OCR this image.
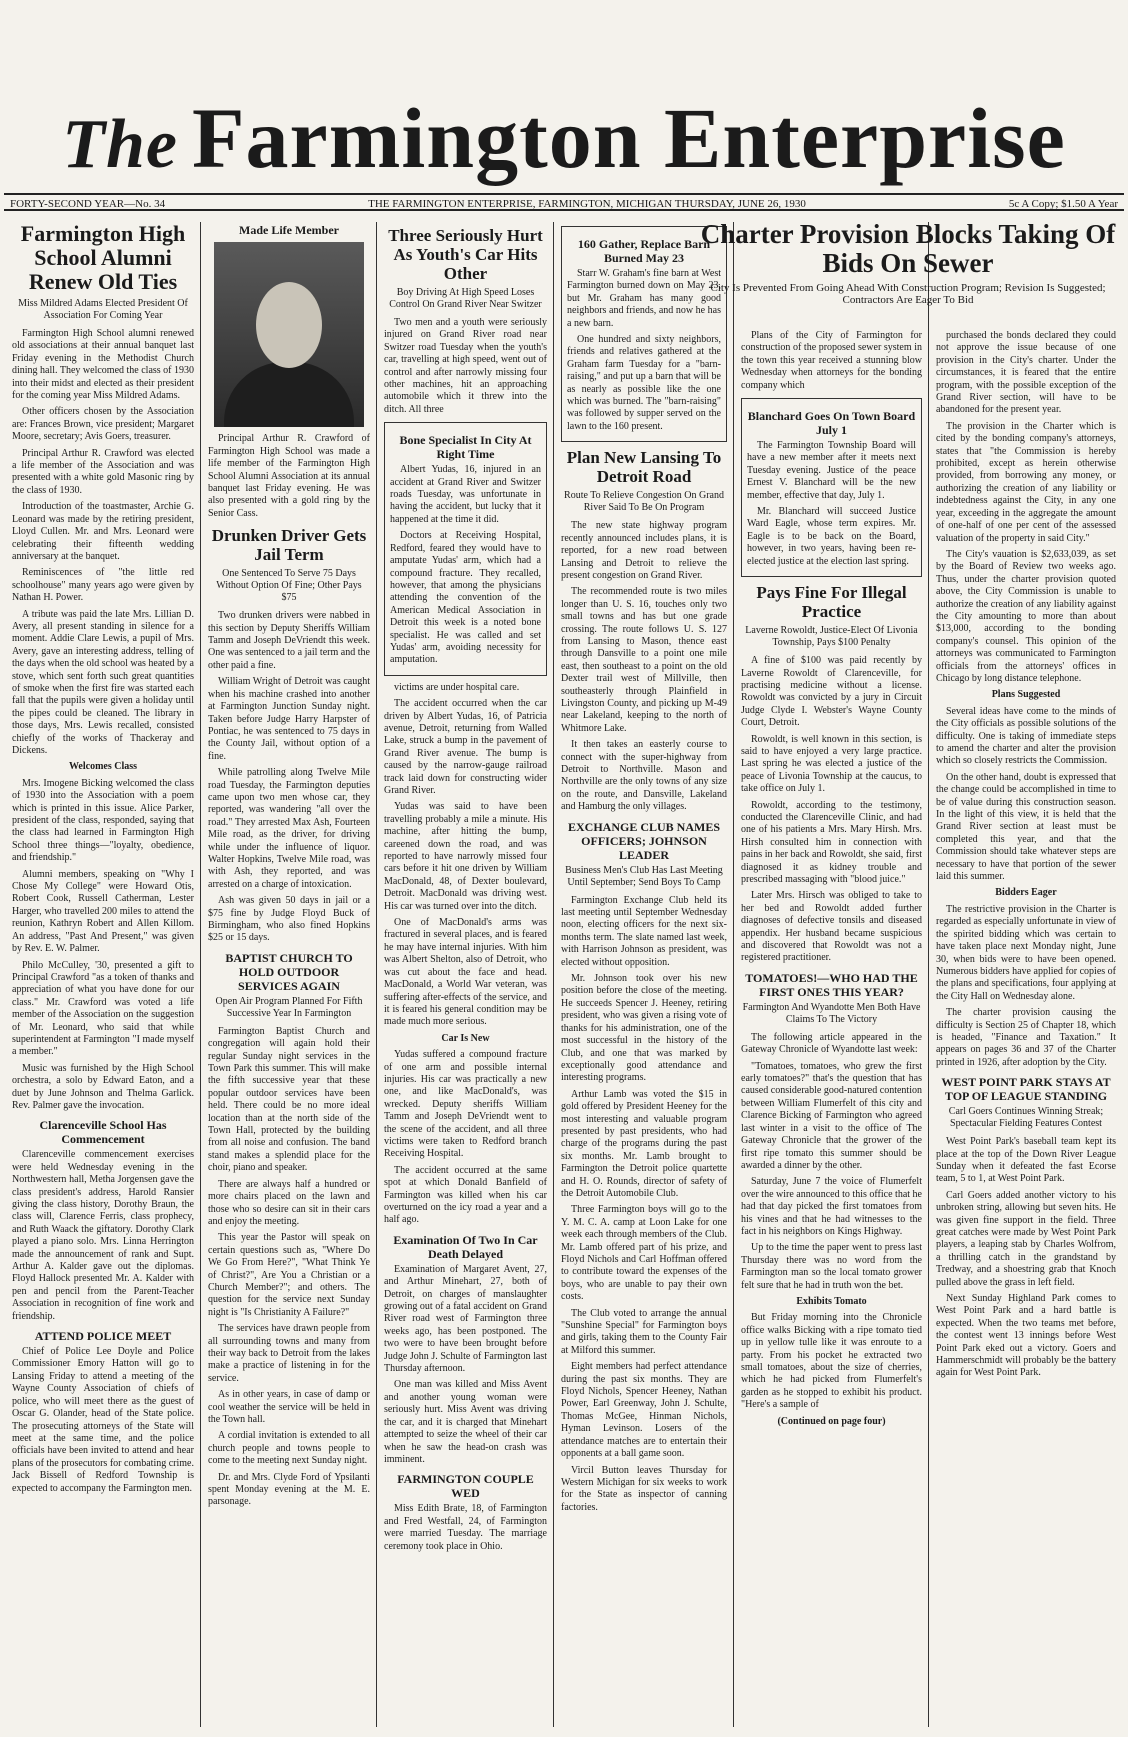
The Farmington Enterprise
FORTY-SECOND YEAR—No. 34	THE FARMINGTON ENTERPRISE, FARMINGTON, MICHIGAN THURSDAY, JUNE 26, 1930	5c A Copy; $1.50 A Year
Farmington High School Alumni Renew Old Ties
Miss Mildred Adams Elected President Of Association For Coming Year

Farmington High School alumni renewed old associations at their annual banquet last Friday evening in the Methodist Church dining hall. They welcomed the class of 1930 into their midst and elected as their president for the coming year Miss Mildred Adams.

Other officers chosen by the Association are: Frances Brown, vice president; Margaret Moore, secretary; Avis Goers, treasurer.

Principal Arthur R. Crawford was elected a life member of the Association and was presented with a white gold Masonic ring by the class of 1930.

Introduction of the toastmaster, Archie G. Leonard was made by the retiring president, Lloyd Cullen. Mr. and Mrs. Leonard were celebrating their fifteenth wedding anniversary at the banquet.

Reminiscences of "the little red schoolhouse" many years ago were given by Nathan H. Power.

A tribute was paid the late Mrs. Lillian D. Avery, all present standing in silence for a moment. Addie Clare Lewis, a pupil of Mrs. Avery, gave an interesting address, telling of the days when the old school was heated by a stove, which sent forth such great quantities of smoke when the first fire was started each fall that the pupils were given a holiday until the pipes could be cleaned. The library in those days, Mrs. Lewis recalled, consisted chiefly of the works of Thackeray and Dickens.

Welcomes Class

Mrs. Imogene Bicking welcomed the class of 1930 into the Association with a poem which is printed in this issue. Alice Parker, president of the class, responded, saying that the class had learned in Farmington High School three things—"loyalty, obedience, and friendship."

Alumni members, speaking on "Why I Chose My College" were Howard Otis, Robert Cook, Russell Catherman, Lester Harger, who travelled 200 miles to attend the reunion, Kathryn Robert and Allen Killom. An address, "Past And Present," was given by Rev. E. W. Palmer.

Philo McCulley, '30, presented a gift to Principal Crawford "as a token of thanks and appreciation of what you have done for our class." Mr. Crawford was voted a life member of the Association on the suggestion of Mr. Leonard, who said that while superintendent at Farmington "I made myself a member."

Music was furnished by the High School orchestra, a solo by Edward Eaton, and a duet by June Johnson and Thelma Garlick. Rev. Palmer gave the invocation.

Clarenceville School Has Commencement

Clarenceville commencement exercises were held Wednesday evening in the Northwestern hall, Metha Jorgensen gave the class president's address, Harold Ransier giving the class history, Dorothy Braun, the class will, Clarence Ferris, class prophecy, and Ruth Waack the giftatory. Dorothy Clark played a piano solo. Mrs. Linna Herrington made the announcement of rank and Supt. Arthur A. Kalder gave out the diplomas. Floyd Hallock presented Mr. A. Kalder with pen and pencil from the Parent-Teacher Association in recognition of fine work and friendship.

ATTEND POLICE MEET

Chief of Police Lee Doyle and Police Commissioner Emory Hatton will go to Lansing Friday to attend a meeting of the Wayne County Association of chiefs of police, who will meet there as the guest of Oscar G. Olander, head of the State police. The prosecuting attorneys of the State will meet at the same time, and the police officials have been invited to attend and hear plans of the prosecutors for combating crime. Jack Bissell of Redford Township is expected to accompany the Farmington men.

Made Life Member

Principal Arthur R. Crawford of Farmington High School was made a life member of the Farmington High School Alumni Association at its annual banquet last Friday evening. He was also presented with a gold ring by the Senior Cass.

Drunken Driver Gets Jail Term
One Sentenced To Serve 75 Days Without Option Of Fine; Other Pays $75

Two drunken drivers were nabbed in this section by Deputy Sheriffs William Tamm and Joseph DeVriendt this week. One was sentenced to a jail term and the other paid a fine.

William Wright of Detroit was caught when his machine crashed into another at Farmington Junction Sunday night. Taken before Judge Harry Harpster of Pontiac, he was sentenced to 75 days in the County Jail, without option of a fine.

While patrolling along Twelve Mile road Tuesday, the Farmington deputies came upon two men whose car, they reported, was wandering "all over the road." They arrested Max Ash, Fourteen Mile road, as the driver, for driving while under the influence of liquor. Walter Hopkins, Twelve Mile road, was with Ash, they reported, and was arrested on a charge of intoxication.

Ash was given 50 days in jail or a $75 fine by Judge Floyd Buck of Birmingham, who also fined Hopkins $25 or 15 days.

BAPTIST CHURCH TO HOLD OUTDOOR SERVICES AGAIN
Open Air Program Planned For Fifth Successive Year In Farmington

Farmington Baptist Church and congregation will again hold their regular Sunday night services in the Town Park this summer. This will make the fifth successive year that these popular outdoor services have been held. There could be no more ideal location than at the north side of the Town Hall, protected by the building from all noise and confusion. The band stand makes a splendid place for the choir, piano and speaker.

There are always half a hundred or more chairs placed on the lawn and those who so desire can sit in their cars and enjoy the meeting.

This year the Pastor will speak on certain questions such as, "Where Do We Go From Here?", "What Think Ye of Christ?", Are You a Christian or a Church Member?"; and others. The question for the service next Sunday night is "Is Christianity A Failure?"

The services have drawn people from all surrounding towns and many from their way back to Detroit from the lakes make a practice of listening in for the service.

As in other years, in case of damp or cool weather the service will be held in the Town hall.

A cordial invitation is extended to all church people and towns people to come to the meeting next Sunday night.

Dr. and Mrs. Clyde Ford of Ypsilanti spent Monday evening at the M. E. parsonage.

Three Seriously Hurt As Youth's Car Hits Other
Boy Driving At High Speed Loses Control On Grand River Near Switzer

Two men and a youth were seriously injured on Grand River road near Switzer road Tuesday when the youth's car, travelling at high speed, went out of control and after narrowly missing four other machines, hit an approaching automobile which it threw into the ditch. All three

Bone Specialist In City At Right Time

Albert Yudas, 16, injured in an accident at Grand River and Switzer roads Tuesday, was unfortunate in having the accident, but lucky that it happened at the time it did.

Doctors at Receiving Hospital, Redford, feared they would have to amputate Yudas' arm, which had a compound fracture. They recalled, however, that among the physicians attending the convention of the American Medical Association in Detroit this week is a noted bone specialist. He was called and set Yudas' arm, avoiding necessity for amputation.

victims are under hospital care.

The accident occurred when the car driven by Albert Yudas, 16, of Patricia avenue, Detroit, returning from Walled Lake, struck a bump in the pavement of Grand River avenue. The bump is caused by the narrow-gauge railroad track laid down for constructing wider Grand River.

Yudas was said to have been travelling probably a mile a minute. His machine, after hitting the bump, careened down the road, and was reported to have narrowly missed four cars before it hit one driven by William MacDonald, 48, of Dexter boulevard, Detroit. MacDonald was driving west. His car was turned over into the ditch.

One of MacDonald's arms was fractured in several places, and is feared he may have internal injuries. With him was Albert Shelton, also of Detroit, who was cut about the face and head. MacDonald, a World War veteran, was suffering after-effects of the service, and it is feared his general condition may be made much more serious.

Car Is New

Yudas suffered a compound fracture of one arm and possible internal injuries. His car was practically a new one, and like MacDonald's, was wrecked. Deputy sheriffs William Tamm and Joseph DeVriendt went to the scene of the accident, and all three victims were taken to Redford branch Receiving Hospital.

The accident occurred at the same spot at which Donald Banfield of Farmington was killed when his car overturned on the icy road a year and a half ago.

Examination Of Two In Car Death Delayed

Examination of Margaret Avent, 27, and Arthur Minehart, 27, both of Detroit, on charges of manslaughter growing out of a fatal accident on Grand River road west of Farmington three weeks ago, has been postponed. The two were to have been brought before Judge John J. Schulte of Farmington last Thursday afternoon.

One man was killed and Miss Avent and another young woman were seriously hurt. Miss Avent was driving the car, and it is charged that Minehart attempted to seize the wheel of their car when he saw the head-on crash was imminent.

FARMINGTON COUPLE WED

Miss Edith Brate, 18, of Farmington and Fred Westfall, 24, of Farmington were married Tuesday. The marriage ceremony took place in Ohio.

160 Gather, Replace Barn Burned May 23

Starr W. Graham's fine barn at West Farmington burned down on May 23, but Mr. Graham has many good neighbors and friends, and now he has a new barn.

One hundred and sixty neighbors, friends and relatives gathered at the Graham farm Tuesday for a "barn-raising," and put up a barn that will be as nearly as possible like the one which was burned. The "barn-raising" was followed by supper served on the lawn to the 160 present.

Plan New Lansing To Detroit Road
Route To Relieve Congestion On Grand River Said To Be On Program

The new state highway program recently announced includes plans, it is reported, for a new road between Lansing and Detroit to relieve the present congestion on Grand River.

The recommended route is two miles longer than U. S. 16, touches only two small towns and has but one grade crossing. The route follows U. S. 127 from Lansing to Mason, thence east through Dansville to a point one mile east, then southeast to a point on the old Dexter trail west of Millville, then southeasterly through Plainfield in Livingston County, and picking up M-49 near Lakeland, keeping to the north of Whitmore Lake.

It then takes an easterly course to connect with the super-highway from Detroit to Northville. Mason and Northville are the only towns of any size on the route, and Dansville, Lakeland and Hamburg the only villages.

EXCHANGE CLUB NAMES OFFICERS; JOHNSON LEADER
Business Men's Club Has Last Meeting Until September; Send Boys To Camp

Farmington Exchange Club held its last meeting until September Wednesday noon, electing officers for the next six-months term. The slate named last week, with Harrison Johnson as president, was elected without opposition.

Mr. Johnson took over his new position before the close of the meeting. He succeeds Spencer J. Heeney, retiring president, who was given a rising vote of thanks for his administration, one of the most successful in the history of the Club, and one that was marked by exceptionally good attendance and interesting programs.

Arthur Lamb was voted the $15 in gold offered by President Heeney for the most interesting and valuable program presented by past presidents, who had charge of the programs during the past six months. Mr. Lamb brought to Farmington the Detroit police quartette and H. O. Rounds, director of safety of the Detroit Automobile Club.

Three Farmington boys will go to the Y. M. C. A. camp at Loon Lake for one week each through members of the Club. Mr. Lamb offered part of his prize, and Floyd Nichols and Carl Hoffman offered to contribute toward the expenses of the boys, who are unable to pay their own costs.

The Club voted to arrange the annual "Sunshine Special" for Farmington boys and girls, taking them to the County Fair at Milford this summer.

Eight members had perfect attendance during the past six months. They are Floyd Nichols, Spencer Heeney, Nathan Power, Earl Greenway, John J. Schulte, Thomas McGee, Hinman Nichols, Hyman Levinson. Losers of the attendance matches are to entertain their opponents at a ball game soon.

Vircil Button leaves Thursday for Western Michigan for six weeks to work for the State as inspector of canning factories.

Charter Provision Blocks Taking Of Bids On Sewer
City Is Prevented From Going Ahead With Construction Program; Revision Is Suggested; Contractors Are Eager To Bid

Plans of the City of Farmington for construction of the proposed sewer system in the town this year received a stunning blow Wednesday when attorneys for the bonding company which

Blanchard Goes On Town Board July 1

The Farmington Township Board will have a new member after it meets next Tuesday evening. Justice of the peace Ernest V. Blanchard will be the new member, effective that day, July 1.

Mr. Blanchard will succeed Justice Ward Eagle, whose term expires. Mr. Eagle is to be back on the Board, however, in two years, having been re-elected justice at the election last spring.

Pays Fine For Illegal Practice
Laverne Rowoldt, Justice-Elect Of Livonia Township, Pays $100 Penalty

A fine of $100 was paid recently by Laverne Rowoldt of Clarenceville, for practising medicine without a license. Rowoldt was convicted by a jury in Circuit Judge Clyde I. Webster's Wayne County Court, Detroit.

Rowoldt, is well known in this section, is said to have enjoyed a very large practice. Last spring he was elected a justice of the peace of Livonia Township at the caucus, to take office on July 1.

Rowoldt, according to the testimony, conducted the Clarenceville Clinic, and had one of his patients a Mrs. Mary Hirsh. Mrs. Hirsh consulted him in connection with pains in her back and Rowoldt, she said, first diagnosed it as kidney trouble and prescribed massaging with "blood juice."

Later Mrs. Hirsch was obliged to take to her bed and Rowoldt added further diagnoses of defective tonsils and diseased appendix. Her husband became suspicious and discovered that Rowoldt was not a registered practitioner.

TOMATOES!—WHO HAD THE FIRST ONES THIS YEAR?
Farmington And Wyandotte Men Both Have Claims To The Victory

The following article appeared in the Gateway Chronicle of Wyandotte last week:

"Tomatoes, tomatoes, who grew the first early tomatoes?" that's the question that has caused considerable good-natured contention between William Flumerfelt of this city and Clarence Bicking of Farmington who agreed last winter in a visit to the office of The Gateway Chronicle that the grower of the first ripe tomato this summer should be awarded a dinner by the other.

Saturday, June 7 the voice of Flumerfelt over the wire announced to this office that he had that day picked the first tomatoes from his vines and that he had witnesses to the fact in his neighbors on Kings Highway.

Up to the time the paper went to press last Thursday there was no word from the Farmington man so the local tomato grower felt sure that he had in truth won the bet.

Exhibits Tomato

But Friday morning into the Chronicle office walks Bicking with a ripe tomato tied up in yellow tulle like it was enroute to a party. From his pocket he extracted two small tomatoes, about the size of cherries, which he had picked from Flumerfelt's garden as he stopped to exhibit his product. "Here's a sample of

(Continued on page four)

purchased the bonds declared they could not approve the issue because of one provision in the City's charter. Under the circumstances, it is feared that the entire program, with the possible exception of the Grand River section, will have to be abandoned for the present year.

The provision in the Charter which is cited by the bonding company's attorneys, states that "the Commission is hereby prohibited, except as herein otherwise provided, from borrowing any money, or authorizing the creation of any liability or indebtedness against the City, in any one year, exceeding in the aggregate the amount of one-half of one per cent of the assessed valuation of the property in said City."

The City's vauation is $2,633,039, as set by the Board of Review two weeks ago. Thus, under the charter provision quoted above, the City Commission is unable to authorize the creation of any liability against the City amounting to more than about $13,000, according to the bonding company's counsel. This opinion of the attorneys was communicated to Farmington officials from the attorneys' offices in Chicago by long distance telephone.

Plans Suggested

Several ideas have come to the minds of the City officials as possible solutions of the difficulty. One is taking of immediate steps to amend the charter and alter the provision which so closely restricts the Commission.

On the other hand, doubt is expressed that the change could be accomplished in time to be of value during this construction season. In the light of this view, it is held that the Grand River section at least must be completed this year, and that the Commission should take whatever steps are necessary to have that portion of the sewer laid this summer.

Bidders Eager

The restrictive provision in the Charter is regarded as especially unfortunate in view of the spirited bidding which was certain to have taken place next Monday night, June 30, when bids were to have been opened. Numerous bidders have applied for copies of the plans and specifications, four applying at the City Hall on Wednesday alone.

The charter provision causing the difficulty is Section 25 of Chapter 18, which is headed, "Finance and Taxation." It appears on pages 36 and 37 of the Charter printed in 1926, after adoption by the City.

WEST POINT PARK STAYS AT TOP OF LEAGUE STANDING
Carl Goers Continues Winning Streak; Spectacular Fielding Features Contest

West Point Park's baseball team kept its place at the top of the Down River League Sunday when it defeated the fast Ecorse team, 5 to 1, at West Point Park.

Carl Goers added another victory to his unbroken string, allowing but seven hits. He was given fine support in the field. Three great catches were made by West Point Park players, a leaping stab by Charles Wolfrom, a thrilling catch in the grandstand by Tredway, and a shoestring grab that Knoch pulled above the grass in left field.

Next Sunday Highland Park comes to West Point Park and a hard battle is expected. When the two teams met before, the contest went 13 innings before West Point Park eked out a victory. Goers and Hammerschmidt will probably be the battery again for West Point Park.
